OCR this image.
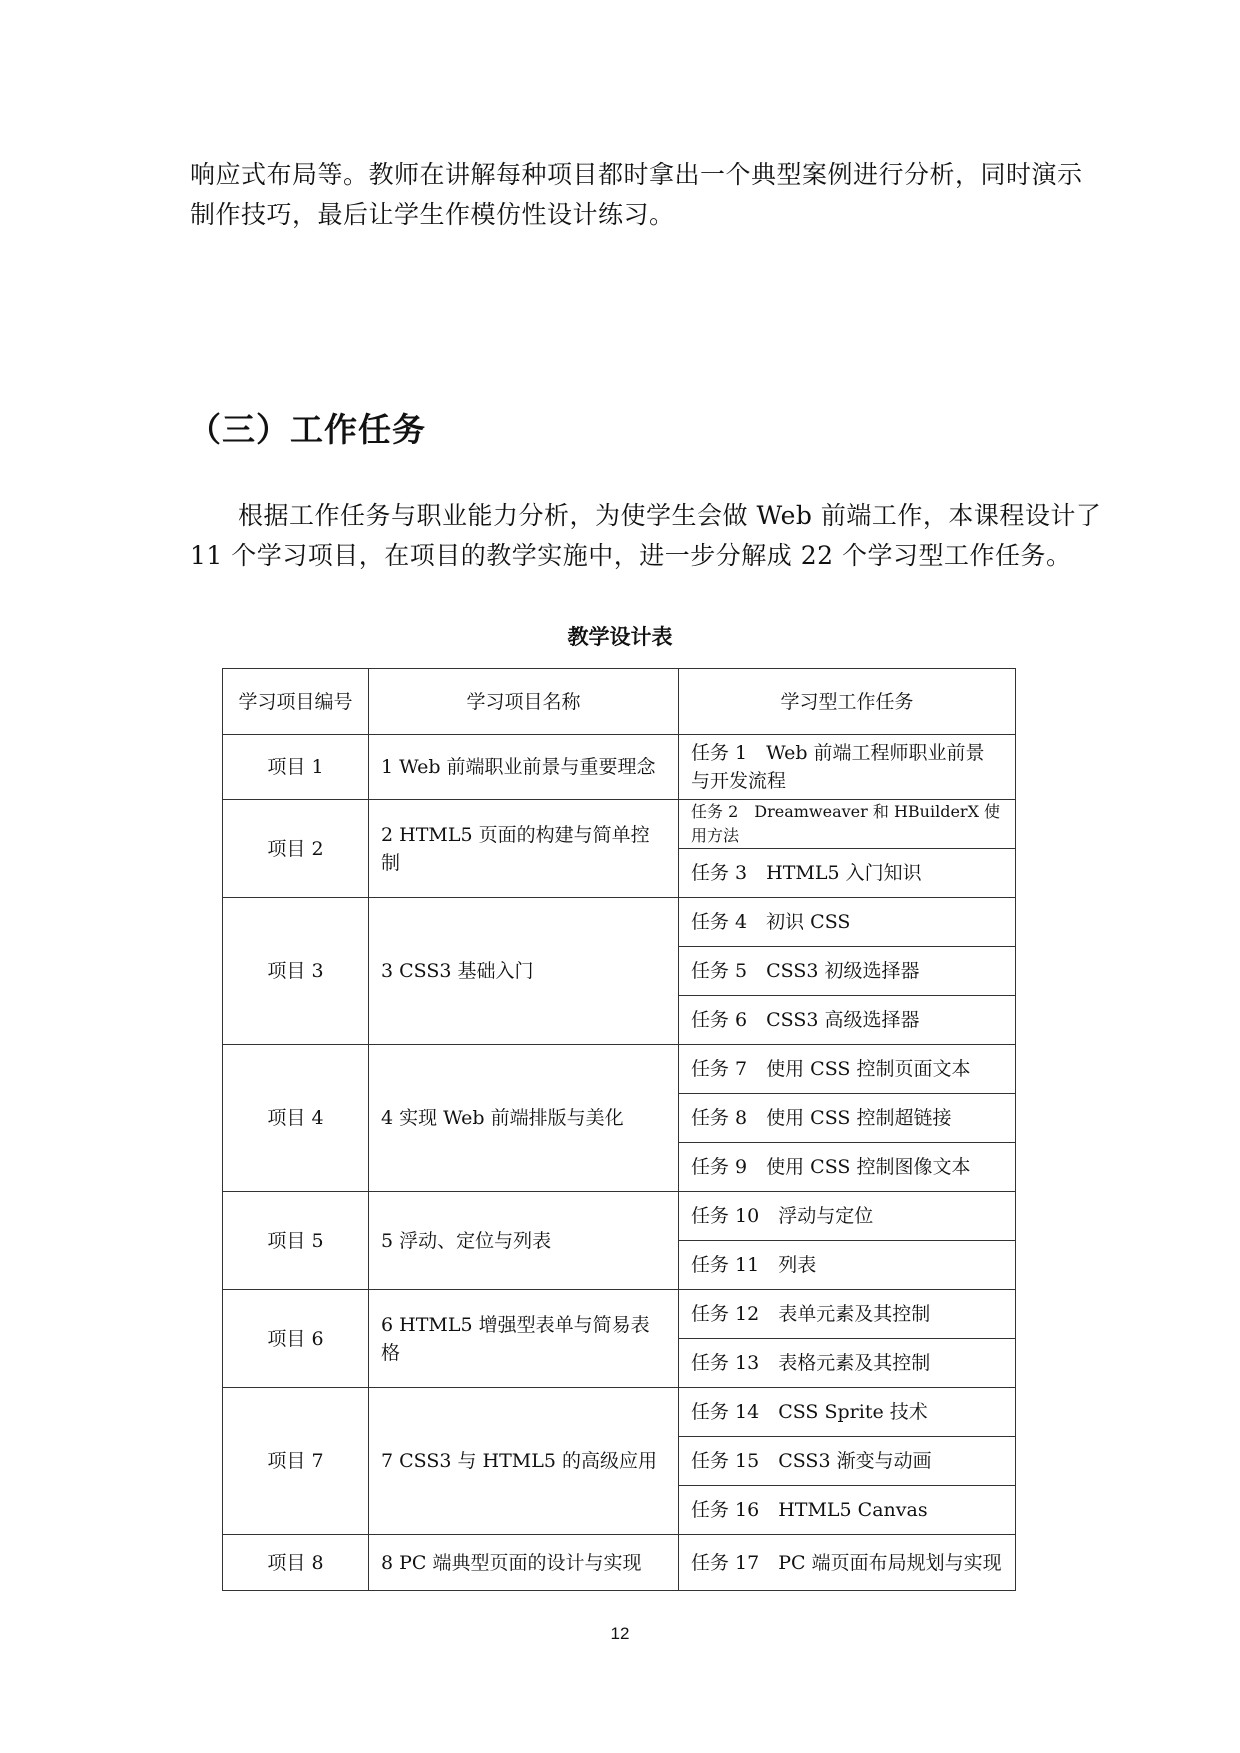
响应式布局等。教师在讲解每种项目都时拿出一个典型案例进行分析，同时演示
制作技巧，最后让学生作模仿性设计练习。
（三）工作任务
根据工作任务与职业能力分析，为使学生会做 Web 前端工作，本课程设计了
11 个学习项目，在项目的教学实施中，进一步分解成 22 个学习型工作任务。
教学设计表
学习项目编号	学习项目名称	学习型工作任务
项目 1	1 Web 前端职业前景与重要理念	任务 1　Web 前端工程师职业前景与开发流程
项目 2	2 HTML5 页面的构建与简单控制	任务 2　Dreamweaver 和 HBuilderX 使用方法
		任务 3　HTML5 入门知识
项目 3	3 CSS3 基础入门	任务 4　初识 CSS
		任务 5　CSS3 初级选择器
		任务 6　CSS3 高级选择器
项目 4	4 实现 Web 前端排版与美化	任务 7　使用 CSS 控制页面文本
		任务 8　使用 CSS 控制超链接
		任务 9　使用 CSS 控制图像文本
项目 5	5 浮动、定位与列表	任务 10　浮动与定位
		任务 11　列表
项目 6	6 HTML5 增强型表单与简易表格	任务 12　表单元素及其控制
		任务 13　表格元素及其控制
项目 7	7 CSS3 与 HTML5 的高级应用	任务 14　CSS Sprite 技术
		任务 15　CSS3 渐变与动画
		任务 16　HTML5 Canvas
项目 8	8 PC 端典型页面的设计与实现	任务 17　PC 端页面布局规划与实现
12
